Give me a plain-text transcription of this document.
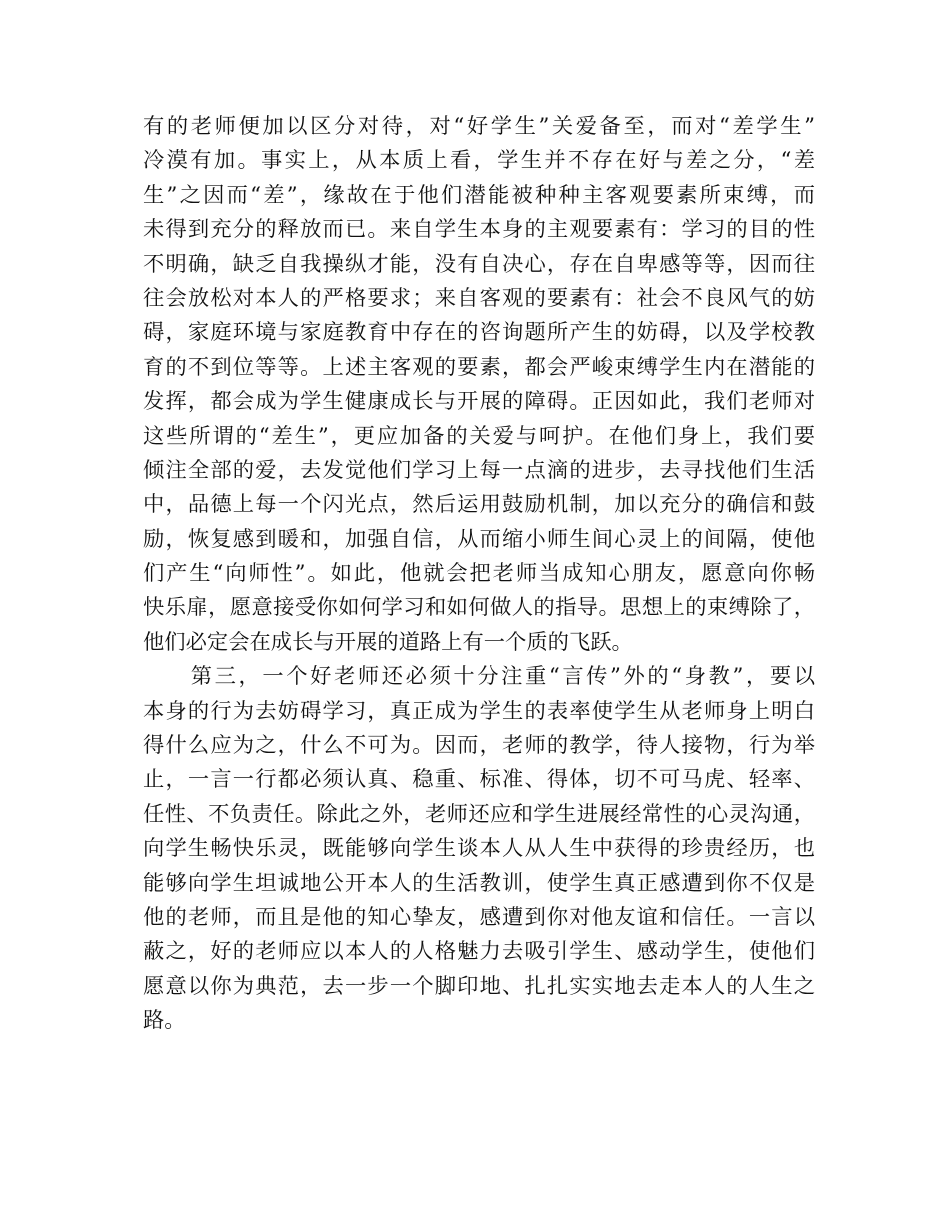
有的老师便加以区分对待，对“好学生”关爱备至，而对“差学生”
冷漠有加。事实上，从本质上看，学生并不存在好与差之分，“差
生”之因而“差”，缘故在于他们潜能被种种主客观要素所束缚，而
未得到充分的释放而已。来自学生本身的主观要素有：学习的目的性
不明确，缺乏自我操纵才能，没有自决心，存在自卑感等等，因而往
往会放松对本人的严格要求；来自客观的要素有：社会不良风气的妨
碍，家庭环境与家庭教育中存在的咨询题所产生的妨碍，以及学校教
育的不到位等等。上述主客观的要素，都会严峻束缚学生内在潜能的
发挥，都会成为学生健康成长与开展的障碍。正因如此，我们老师对
这些所谓的“差生”，更应加备的关爱与呵护。在他们身上，我们要
倾注全部的爱，去发觉他们学习上每一点滴的进步，去寻找他们生活
中，品德上每一个闪光点，然后运用鼓励机制，加以充分的确信和鼓
励，恢复感到暖和，加强自信，从而缩小师生间心灵上的间隔，使他
们产生“向师性”。如此，他就会把老师当成知心朋友，愿意向你畅
快乐扉，愿意接受你如何学习和如何做人的指导。思想上的束缚除了，
他们必定会在成长与开展的道路上有一个质的飞跃。
　　第三，一个好老师还必须十分注重“言传”外的“身教”，要以
本身的行为去妨碍学习，真正成为学生的表率使学生从老师身上明白
得什么应为之，什么不可为。因而，老师的教学，待人接物，行为举
止，一言一行都必须认真、稳重、标准、得体，切不可马虎、轻率、
任性、不负责任。除此之外，老师还应和学生进展经常性的心灵沟通，
向学生畅快乐灵，既能够向学生谈本人从人生中获得的珍贵经历，也
能够向学生坦诚地公开本人的生活教训，使学生真正感遭到你不仅是
他的老师，而且是他的知心挚友，感遭到你对他友谊和信任。一言以
蔽之，好的老师应以本人的人格魅力去吸引学生、感动学生，使他们
愿意以你为典范，去一步一个脚印地、扎扎实实地去走本人的人生之
路。
